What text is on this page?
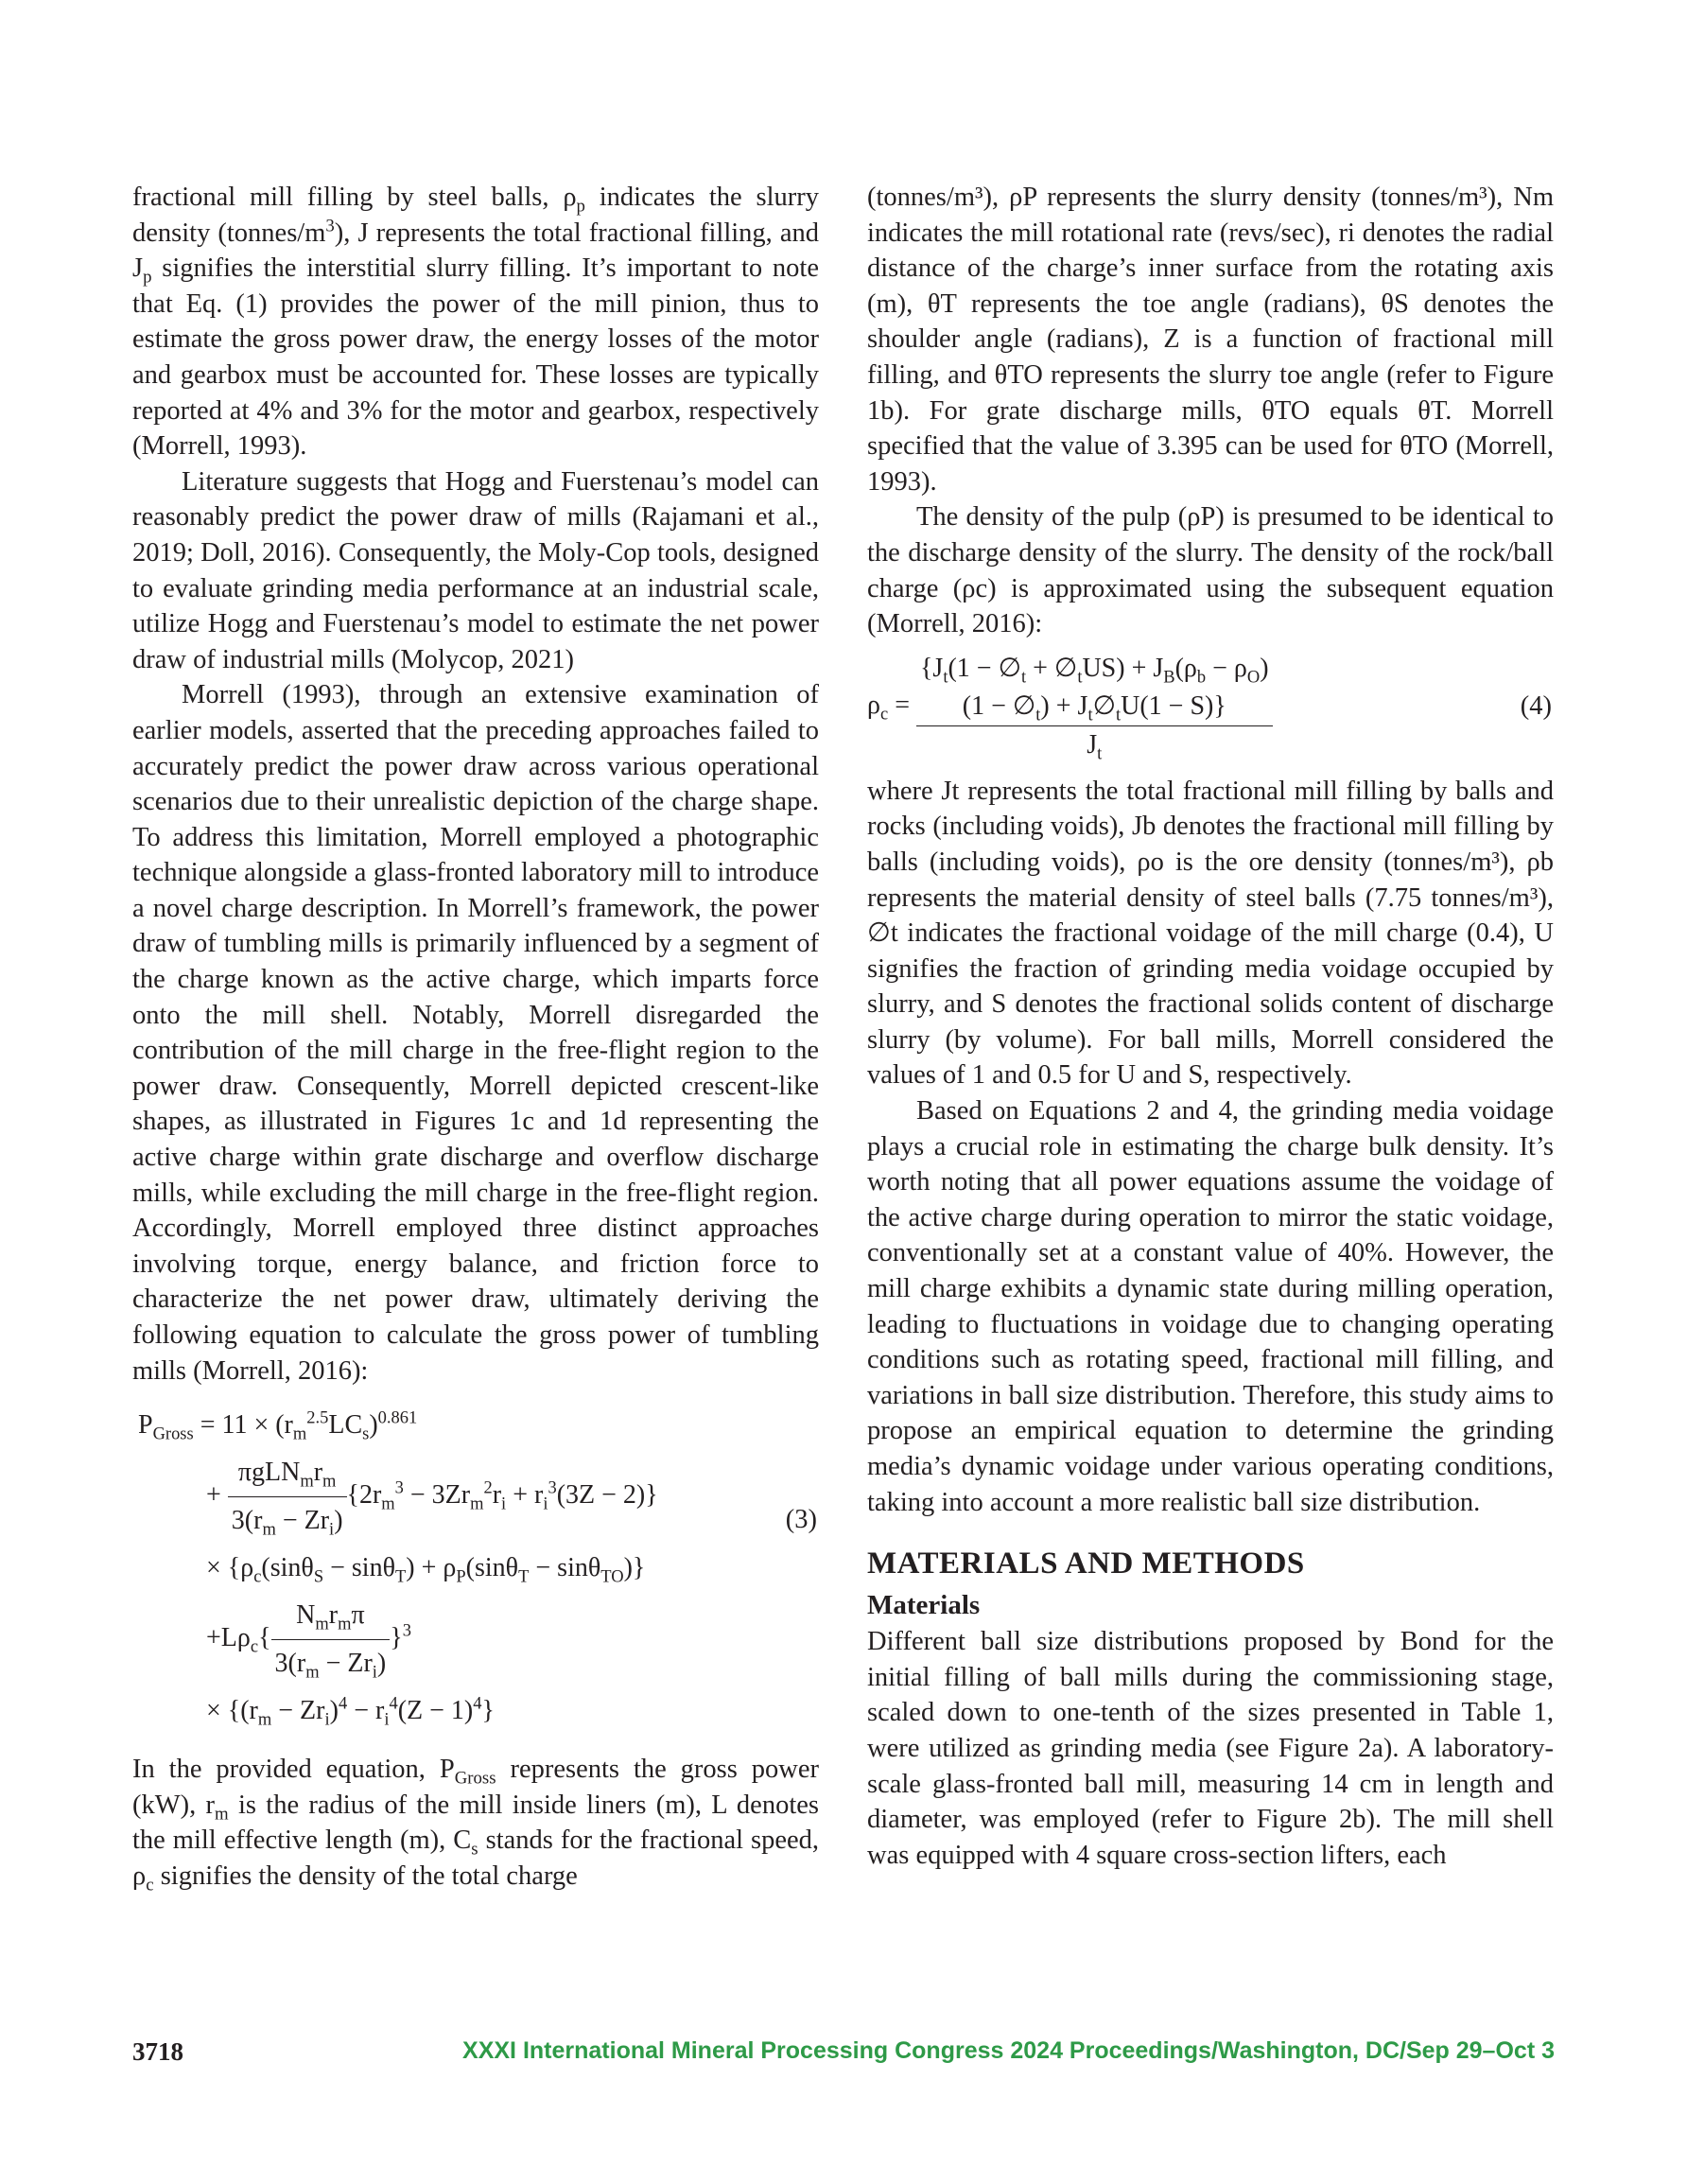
fractional mill filling by steel balls, $\rho_p$ indicates the slurry density $(tonnes/m^3)$, J represents the total fractional filling, and $J_p$ signifies the interstitial slurry filling. It’s important to note that Eq. (1) provides the power of the mill pinion, thus to estimate the gross power draw, the energy losses of the motor and gearbox must be accounted for. These losses are typically reported at 4% and 3% for the motor and gearbox, respectively (Morrell, 1993).

Literature suggests that Hogg and Fuerstenau’s model can reasonably predict the power draw of mills (Rajamani et al., 2019; Doll, 2016). Consequently, the Moly-Cop tools, designed to evaluate grinding media performance at an industrial scale, utilize Hogg and Fuerstenau’s model to estimate the net power draw of industrial mills (Molycop, 2021)

Morrell (1993), through an extensive examination of earlier models, asserted that the preceding approaches failed to accurately predict the power draw across various operational scenarios due to their unrealistic depiction of the charge shape. To address this limitation, Morrell employed a photographic technique alongside a glass-fronted laboratory mill to introduce a novel charge description. In Morrell’s framework, the power draw of tumbling mills is primarily influenced by a segment of the charge known as the active charge, which imparts force onto the mill shell. Notably, Morrell disregarded the contribution of the mill charge in the free-flight region to the power draw. Consequently, Morrell depicted crescent-like shapes, as illustrated in Figures 1c and 1d representing the active charge within grate discharge and overflow discharge mills, while excluding the mill charge in the free-flight region. Accordingly, Morrell employed three distinct approaches involving torque, energy balance, and friction force to characterize the net power draw, ultimately deriving the following equation to calculate the gross power of tumbling mills (Morrell, 2016):

$P_{Gross} = 11 \times (r_m^{2.5}LC_s)^{0.861}$
+ $\frac{\pi gLN_mr_m}{3(r_m - Zr_i)} \{2r_m^3 - 3Zr_m^2r_i + r_i^3(3Z - 2)\}$
× $\{\rho_c(\sin\theta_S - \sin\theta_T) + \rho_P(\sin\theta_T - \sin\theta_{TO})\}$
$+L\rho_c\{ \frac{N_mr_m\pi}{3(r_m - Zr_i)} \}^3$
× $\{(r_m - Zr_i)^4 - r_i^4(Z - 1)^4\}$
(3)

In the provided equation, $P_{Gross}$ represents the gross power (kW), $r_m$ is the radius of the mill inside liners (m), L denotes the mill effective length (m), $C_s$ stands for the fractional speed, $\rho_c$ signifies the density of the total charge

(tonnes/m³), ρP represents the slurry density (tonnes/m³), Nm indicates the mill rotational rate (revs/sec), ri denotes the radial distance of the charge’s inner surface from the rotating axis (m), θT represents the toe angle (radians), θS denotes the shoulder angle (radians), Z is a function of fractional mill filling, and θTO represents the slurry toe angle (refer to Figure 1b). For grate discharge mills, θTO equals θT. Morrell specified that the value of 3.395 can be used for θTO (Morrell, 1993).

The density of the pulp (ρP) is presumed to be identical to the discharge density of the slurry. The density of the rock/ball charge (ρc) is approximated using the subsequent equation (Morrell, 2016):

$\rho_c$ =
{$J_t(1$ − $\emptyset_t$ + $\emptyset_tUS) + J_B(\rho_b - \rho_O)$
$(1 - \emptyset_t)$ + $J_t\emptyset_tU(1 - S)$}
$J_t$
(4)

where Jt represents the total fractional mill filling by balls and rocks (including voids), Jb denotes the fractional mill filling by balls (including voids), ρo is the ore density (tonnes/m³), ρb represents the material density of steel balls (7.75 tonnes/m³), ∅t indicates the fractional voidage of the mill charge (0.4), U signifies the fraction of grinding media voidage occupied by slurry, and S denotes the fractional solids content of discharge slurry (by volume). For ball mills, Morrell considered the values of 1 and 0.5 for U and S, respectively.

Based on Equations 2 and 4, the grinding media voidage plays a crucial role in estimating the charge bulk density. It’s worth noting that all power equations assume the voidage of the active charge during operation to mirror the static voidage, conventionally set at a constant value of 40%. However, the mill charge exhibits a dynamic state during milling operation, leading to fluctuations in voidage due to changing operating conditions such as rotating speed, fractional mill filling, and variations in ball size distribution. Therefore, this study aims to propose an empirical equation to determine the grinding media’s dynamic voidage under various operating conditions, taking into account a more realistic ball size distribution.

MATERIALS AND METHODS
Materials

Different ball size distributions proposed by Bond for the initial filling of ball mills during the commissioning stage, scaled down to one-tenth of the sizes presented in Table 1, were utilized as grinding media (see Figure 2a). A laboratory-scale glass-fronted ball mill, measuring 14 cm in length and diameter, was employed (refer to Figure 2b). The mill shell was equipped with 4 square cross-section lifters, each

3718	XXXI International Mineral Processing Congress 2024 Proceedings/Washington, DC/Sep 29–Oct 3
